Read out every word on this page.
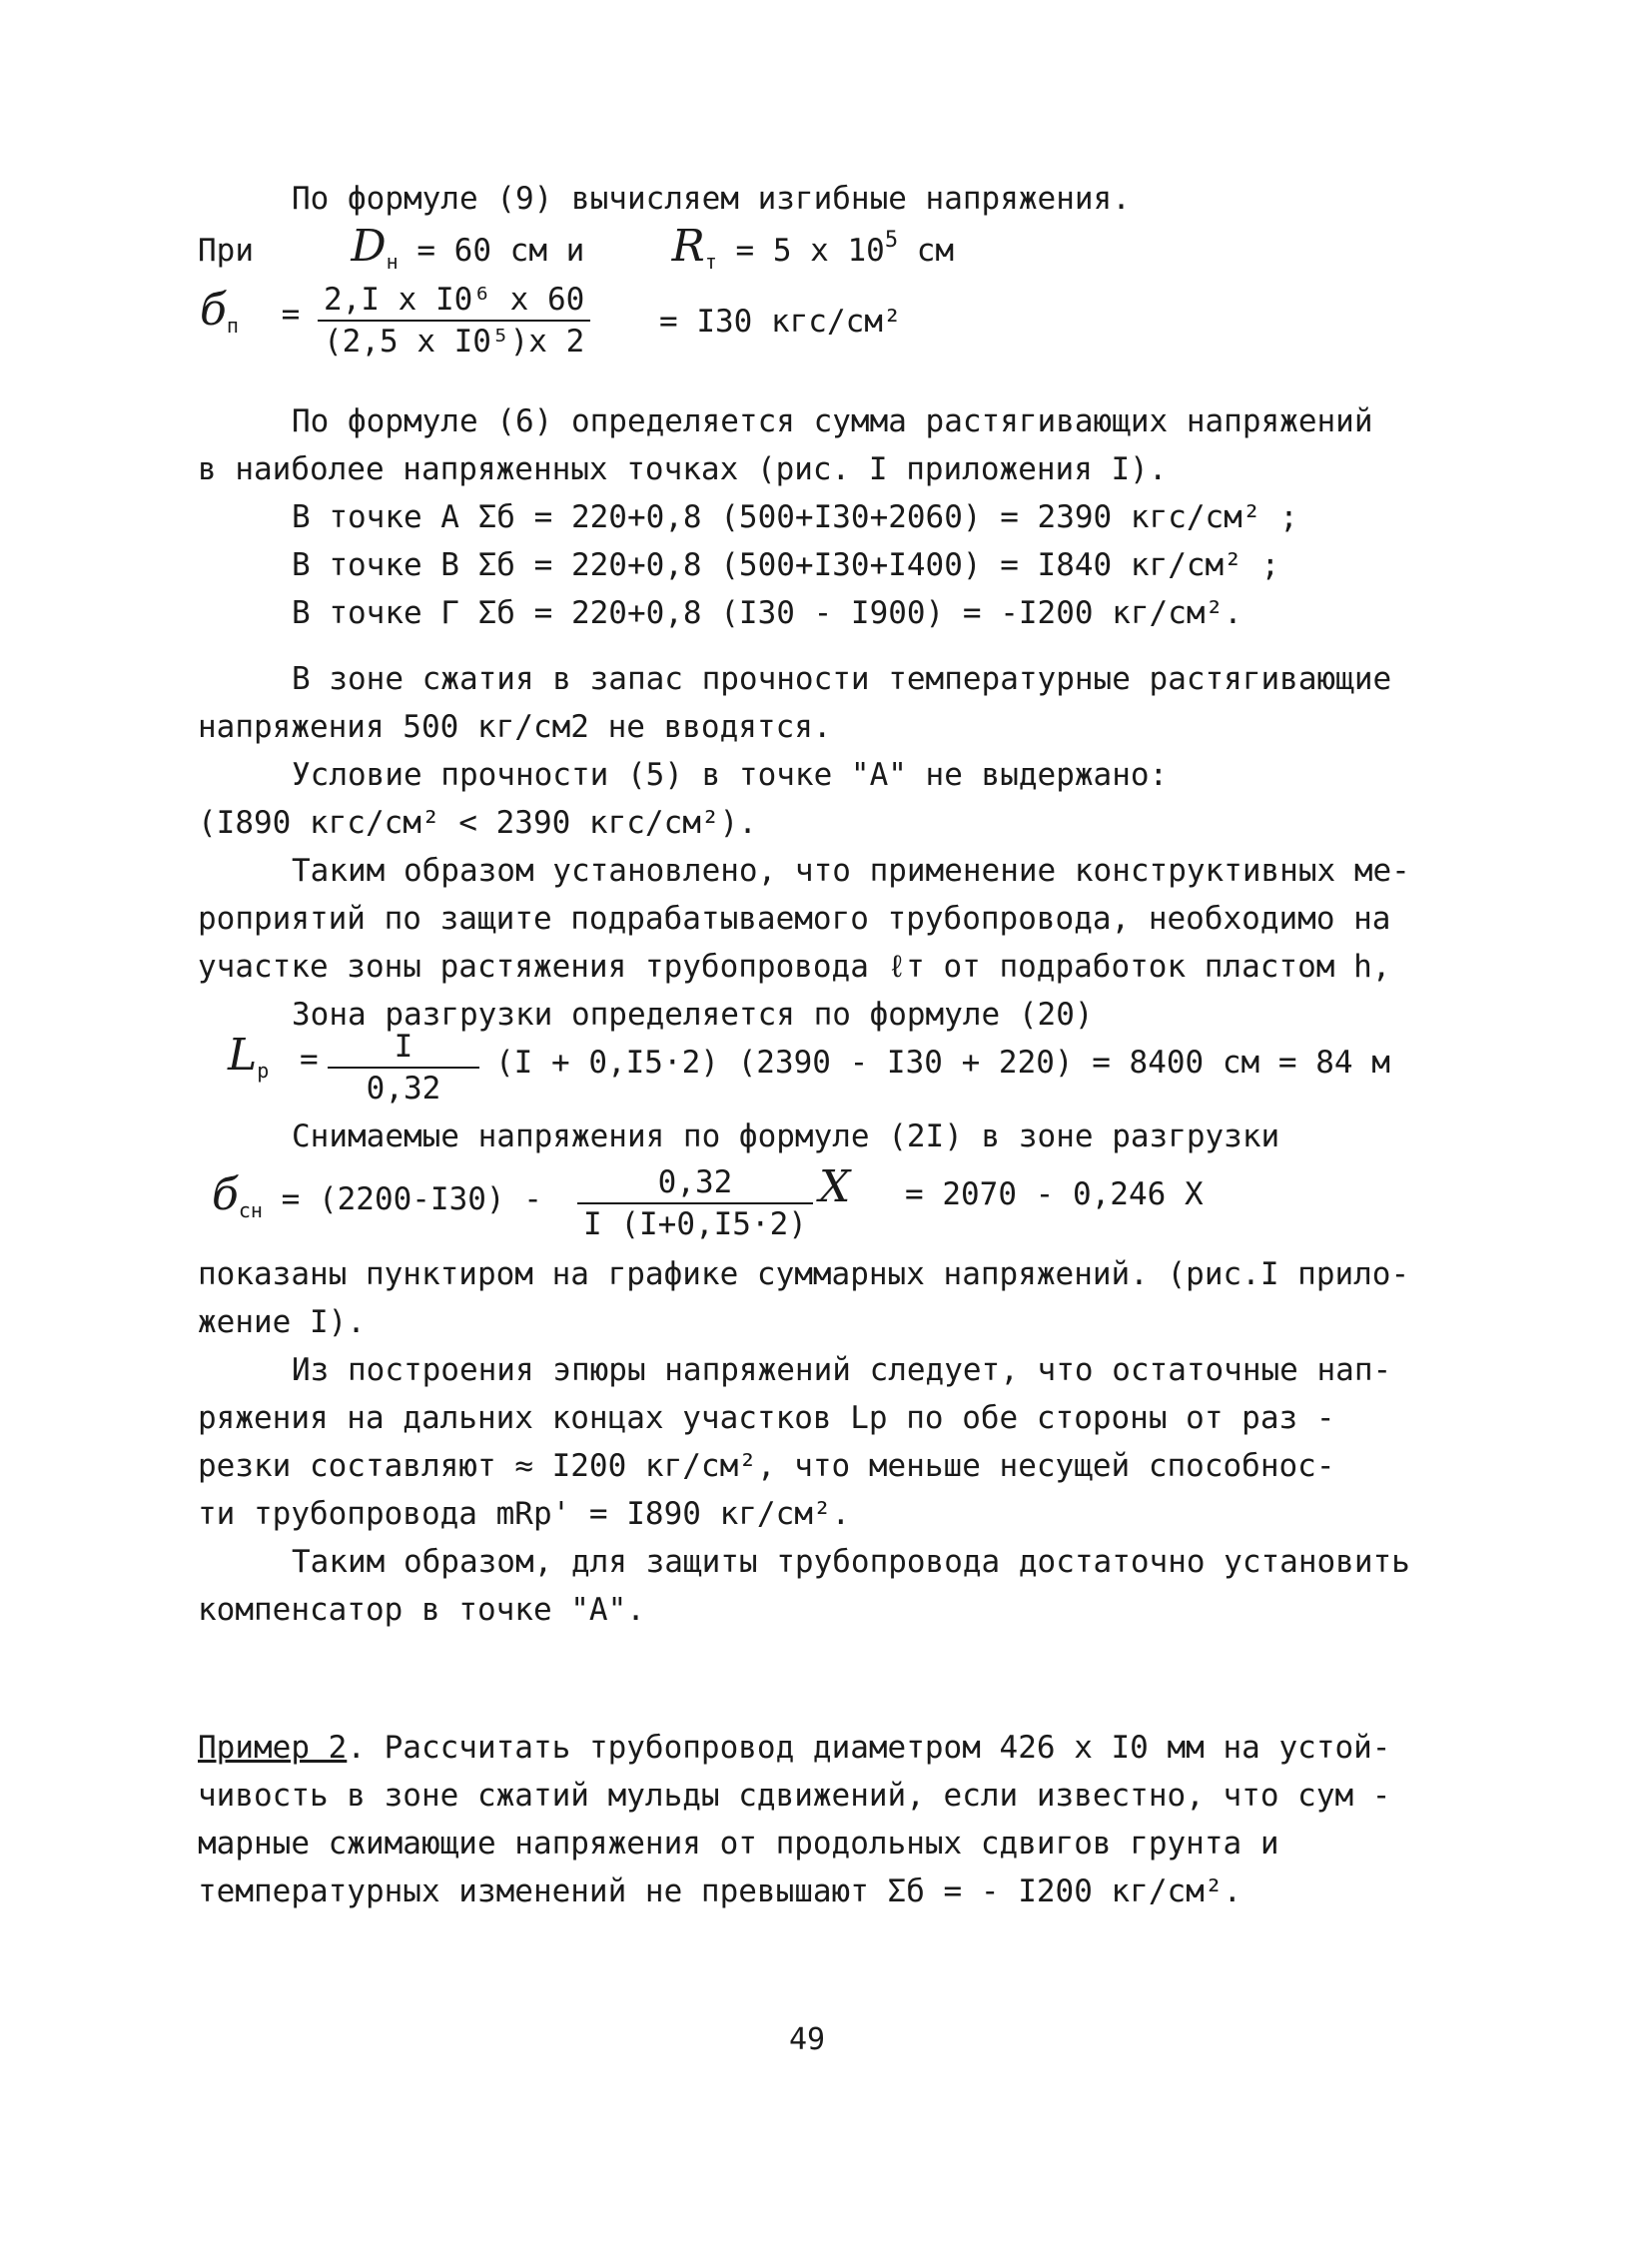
По формуле (9) вычисляем изгибные напряжения.
При $D_н = 60$ см и $R_т = 5$ х $10^5$ см
$б_п = \frac{\text{2,I x I0⁶ x 60}}{\text{(2,5 x I0⁵)x 2}} = I30$ кгс/см²
По формуле (6) определяется сумма растягивающих напряжений
в наиболее напряженных точках (рис. I приложения I).
В точке А Σб = 220+0,8 (500+I30+2060) = 2390 кгс/см² ;
В точке В Σб = 220+0,8 (500+I30+I400) = I840 кг/см² ;
В точке Г Σб = 220+0,8 (I30 - I900) = -I200 кг/см².
В зоне сжатия в запас прочности температурные растягивающие
напряжения 500 кг/см2 не вводятся.
Условие прочности (5) в точке "А" не выдержано:
(I890 кгс/см² < 2390 кгс/см²).
Таким образом установлено, что применение конструктивных ме-
роприятий по защите подрабатываемого трубопровода, необходимо на
участке зоны растяжения трубопровода ℓт от подработок пластом h,
Зона разгрузки определяется по формуле (20)
$L_р = \frac{I}{0,32} (I + 0,I5\cdot 2)$ (2390 - I30 + 220) = 8400 см = 84 м
Снимаемые напряжения по формуле (2I) в зоне разгрузки
$б_{сн} = (2200-I30) - \frac{0,32}{I (I+0,I5\cdot 2)}$ X = 2070 - 0,246 X
показаны пунктиром на графике суммарных напряжений. (рис.I прило-
жение I).
Из построения эпюры напряжений следует, что остаточные нап-
ряжения на дальних концах участков Lр по обе стороны от раз -
резки составляют ≈ I200 кг/см², что меньше несущей способнос-
ти трубопровода mRр' = I890 кг/см².
Таким образом, для защиты трубопровода достаточно установить
компенсатор в точке "А".
Пример 2. Рассчитать трубопровод диаметром 426 х I0 мм на устой-
чивость в зоне сжатий мульды сдвижений, если известно, что сум -
марные сжимающие напряжения от продольных сдвигов грунта и
температурных изменений не превышают Σб = - I200 кг/см².
49
